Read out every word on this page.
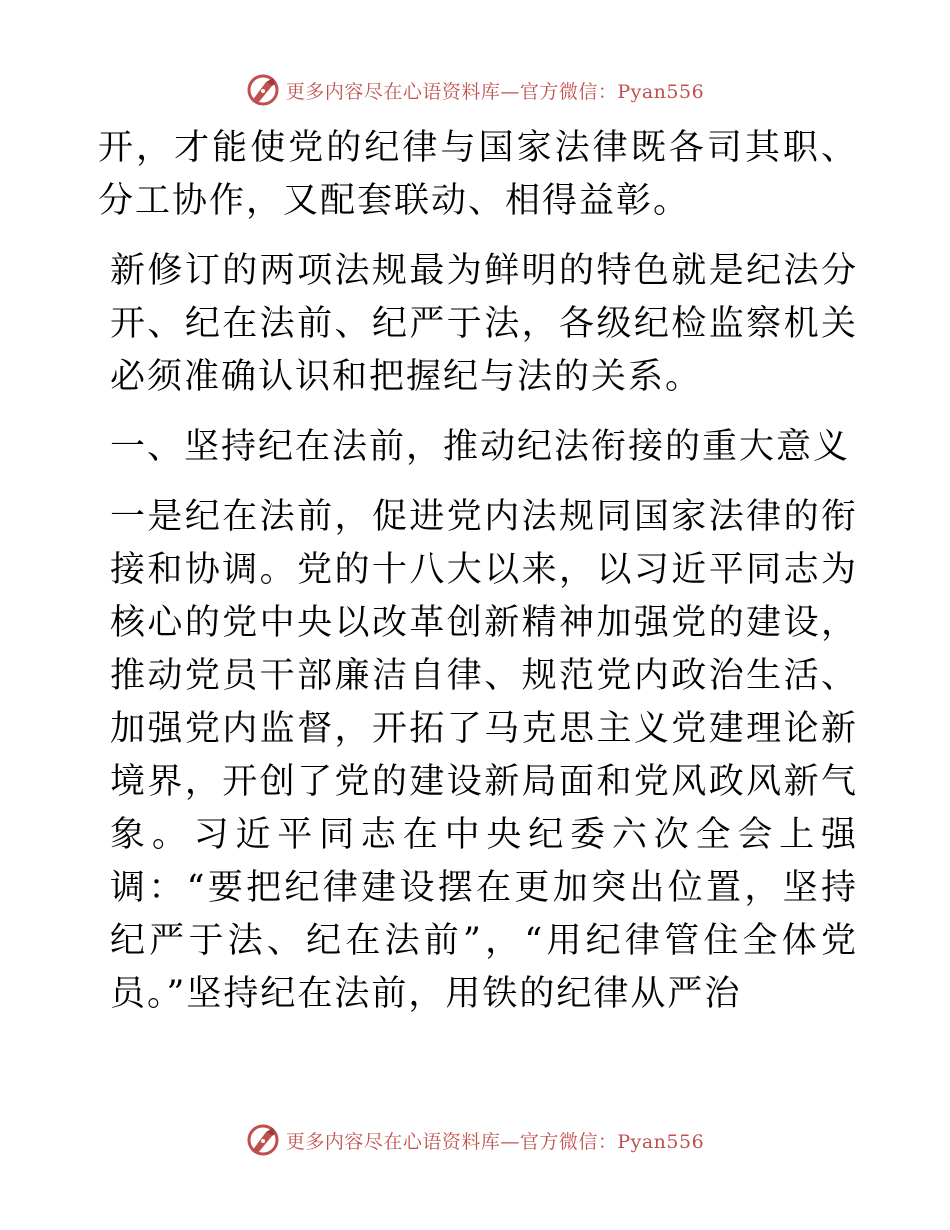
更多内容尽在心语资料库—官方微信：Pyan556

开，才能使党的纪律与国家法律既各司其职、分工协作，又配套联动、相得益彰。

新修订的两项法规最为鲜明的特色就是纪法分开、纪在法前、纪严于法，各级纪检监察机关必须准确认识和把握纪与法的关系。

一、坚持纪在法前，推动纪法衔接的重大意义

一是纪在法前，促进党内法规同国家法律的衔接和协调。党的十八大以来，以习近平同志为核心的党中央以改革创新精神加强党的建设，推动党员干部廉洁自律、规范党内政治生活、加强党内监督，开拓了马克思主义党建理论新境界，开创了党的建设新局面和党风政风新气象。习近平同志在中央纪委六次全会上强调：“要把纪律建设摆在更加突出位置，坚持纪严于法、纪在法前”，“用纪律管住全体党员。”坚持纪在法前，用铁的纪律从严治

更多内容尽在心语资料库—官方微信：Pyan556
